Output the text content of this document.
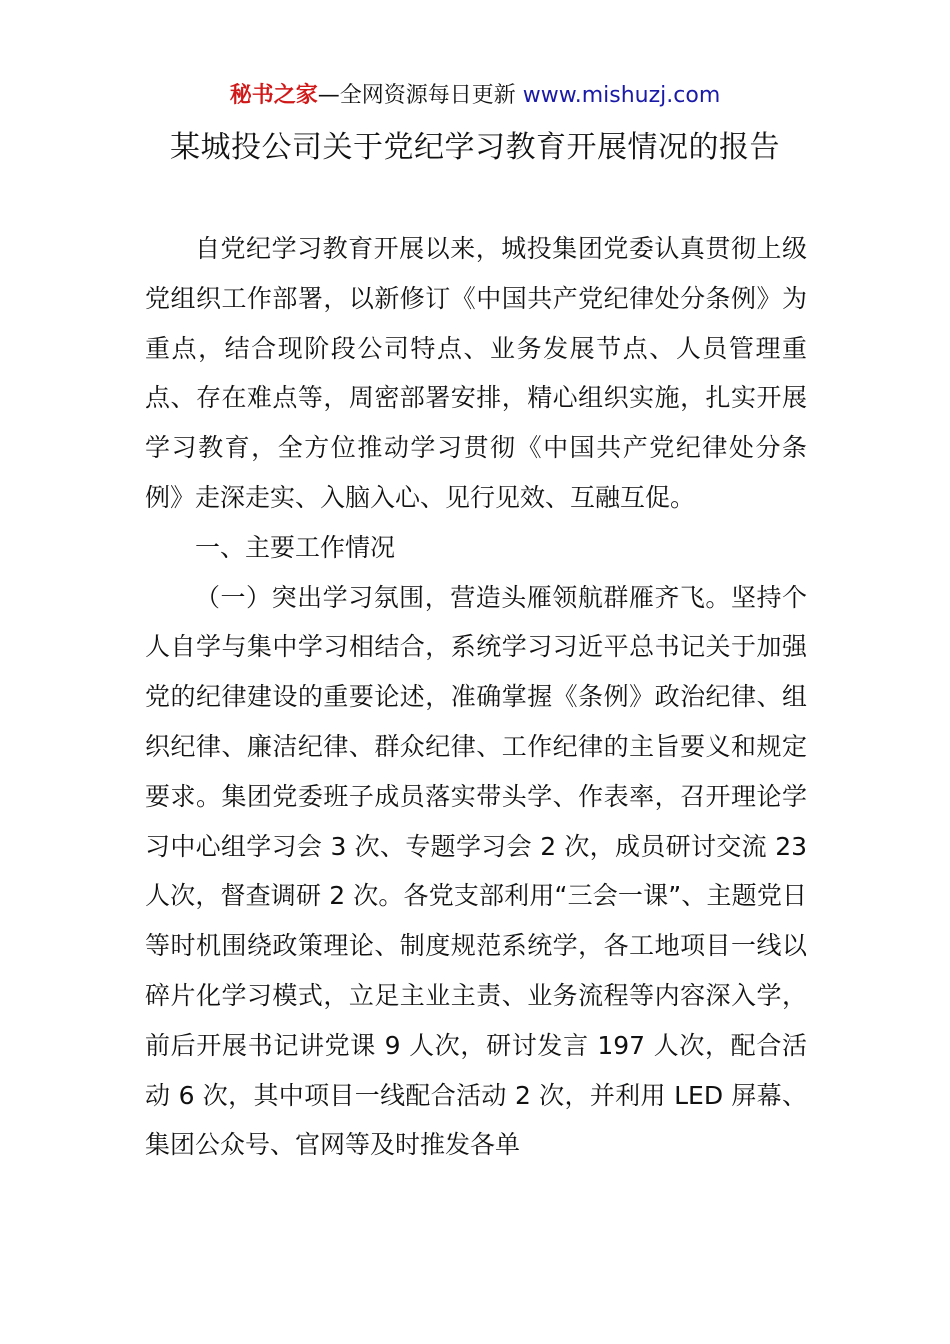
秘书之家—全网资源每日更新 www.mishuzj.com
某城投公司关于党纪学习教育开展情况的报告

自党纪学习教育开展以来，城投集团党委认真贯彻上级党组织工作部署，以新修订《中国共产党纪律处分条例》为重点，结合现阶段公司特点、业务发展节点、人员管理重点、存在难点等，周密部署安排，精心组织实施，扎实开展学习教育，全方位推动学习贯彻《中国共产党纪律处分条例》走深走实、入脑入心、见行见效、互融互促。

一、主要工作情况

（一）突出学习氛围，营造头雁领航群雁齐飞。坚持个人自学与集中学习相结合，系统学习习近平总书记关于加强党的纪律建设的重要论述，准确掌握《条例》政治纪律、组织纪律、廉洁纪律、群众纪律、工作纪律的主旨要义和规定要求。集团党委班子成员落实带头学、作表率，召开理论学习中心组学习会 3 次、专题学习会 2 次，成员研讨交流 23 人次，督查调研 2 次。各党支部利用“三会一课”、主题党日等时机围绕政策理论、制度规范系统学，各工地项目一线以碎片化学习模式，立足主业主责、业务流程等内容深入学，前后开展书记讲党课 9 人次，研讨发言 197 人次，配合活动 6 次，其中项目一线配合活动 2 次，并利用 LED 屏幕、集团公众号、官网等及时推发各单
